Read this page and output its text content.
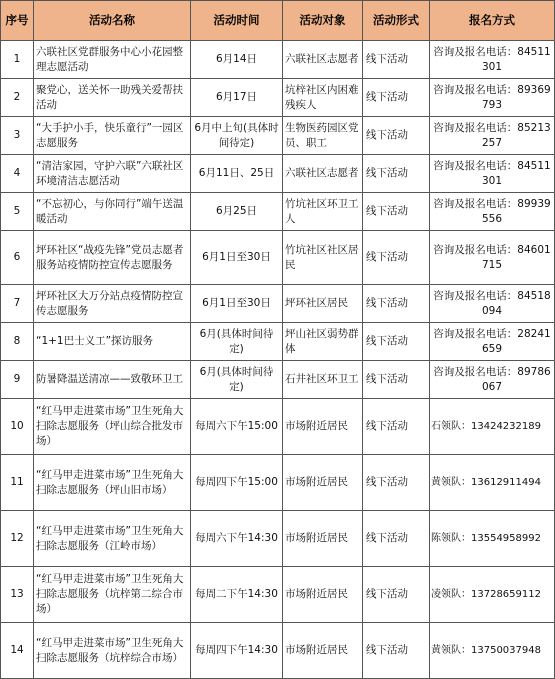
序号	活动名称	活动时间	活动对象	活动形式	报名方式
1	六联社区党群服务中心小花园整理志愿活动	6月14日	六联社区志愿者	线下活动	咨询及报名电话：84511301
2	聚党心，送关怀一助残关爱帮扶活动	6月17日	坑梓社区内困难残疾人	线下活动	咨询及报名电话：89369793
3	“大手护小手，快乐童行”一园区志愿服务	6月中上旬(具体时间待定)	生物医药园区党员、职工	线下活动	咨询及报名电话：85213257
4	“清洁家园，守护六联”六联社区环境清洁志愿活动	6月11日、25日	六联社区志愿者	线下活动	咨询及报名电话：84511301
5	“不忘初心，与你同行”端午送温暖活动	6月25日	竹坑社区环卫工人	线下活动	咨询及报名电话：89939556
6	坪环社区“战疫先锋”党员志愿者服务站疫情防控宣传志愿服务	6月1日至30日	竹坑社区社区居民	线下活动	咨询及报名电话：84601715
7	坪环社区大万分站点疫情防控宣传志愿服务	6月1日至30日	坪环社区居民	线下活动	咨询及报名电话：84518094
8	“1+1巴士义工”探访服务	6月(具体时间待定)	坪山社区弱势群体	线下活动	咨询及报名电话：28241659
9	防暑降温送清凉——致敬环卫工	6月(具体时间待定)	石井社区环卫工	线下活动	咨询及报名电话：89786067
10	“红马甲走进菜市场”卫生死角大扫除志愿服务（坪山综合批发市场）	每周六下午15:00	市场附近居民	线下活动	石领队：13424232189
11	“红马甲走进菜市场”卫生死角大扫除志愿服务（坪山旧市场）	每周四下午15:00	市场附近居民	线下活动	黄领队：13612911494
12	“红马甲走进菜市场”卫生死角大扫除志愿服务（江岭市场）	每周六下午14:30	市场附近居民	线下活动	陈领队：13554958992
13	“红马甲走进菜市场”卫生死角大扫除志愿服务（坑梓第二综合市场）	每周二下午14:30	市场附近居民	线下活动	凌领队：13728659112
14	“红马甲走进菜市场”卫生死角大扫除志愿服务（坑梓综合市场）	每周四下午14:30	市场附近居民	线下活动	黄领队：13750037948
